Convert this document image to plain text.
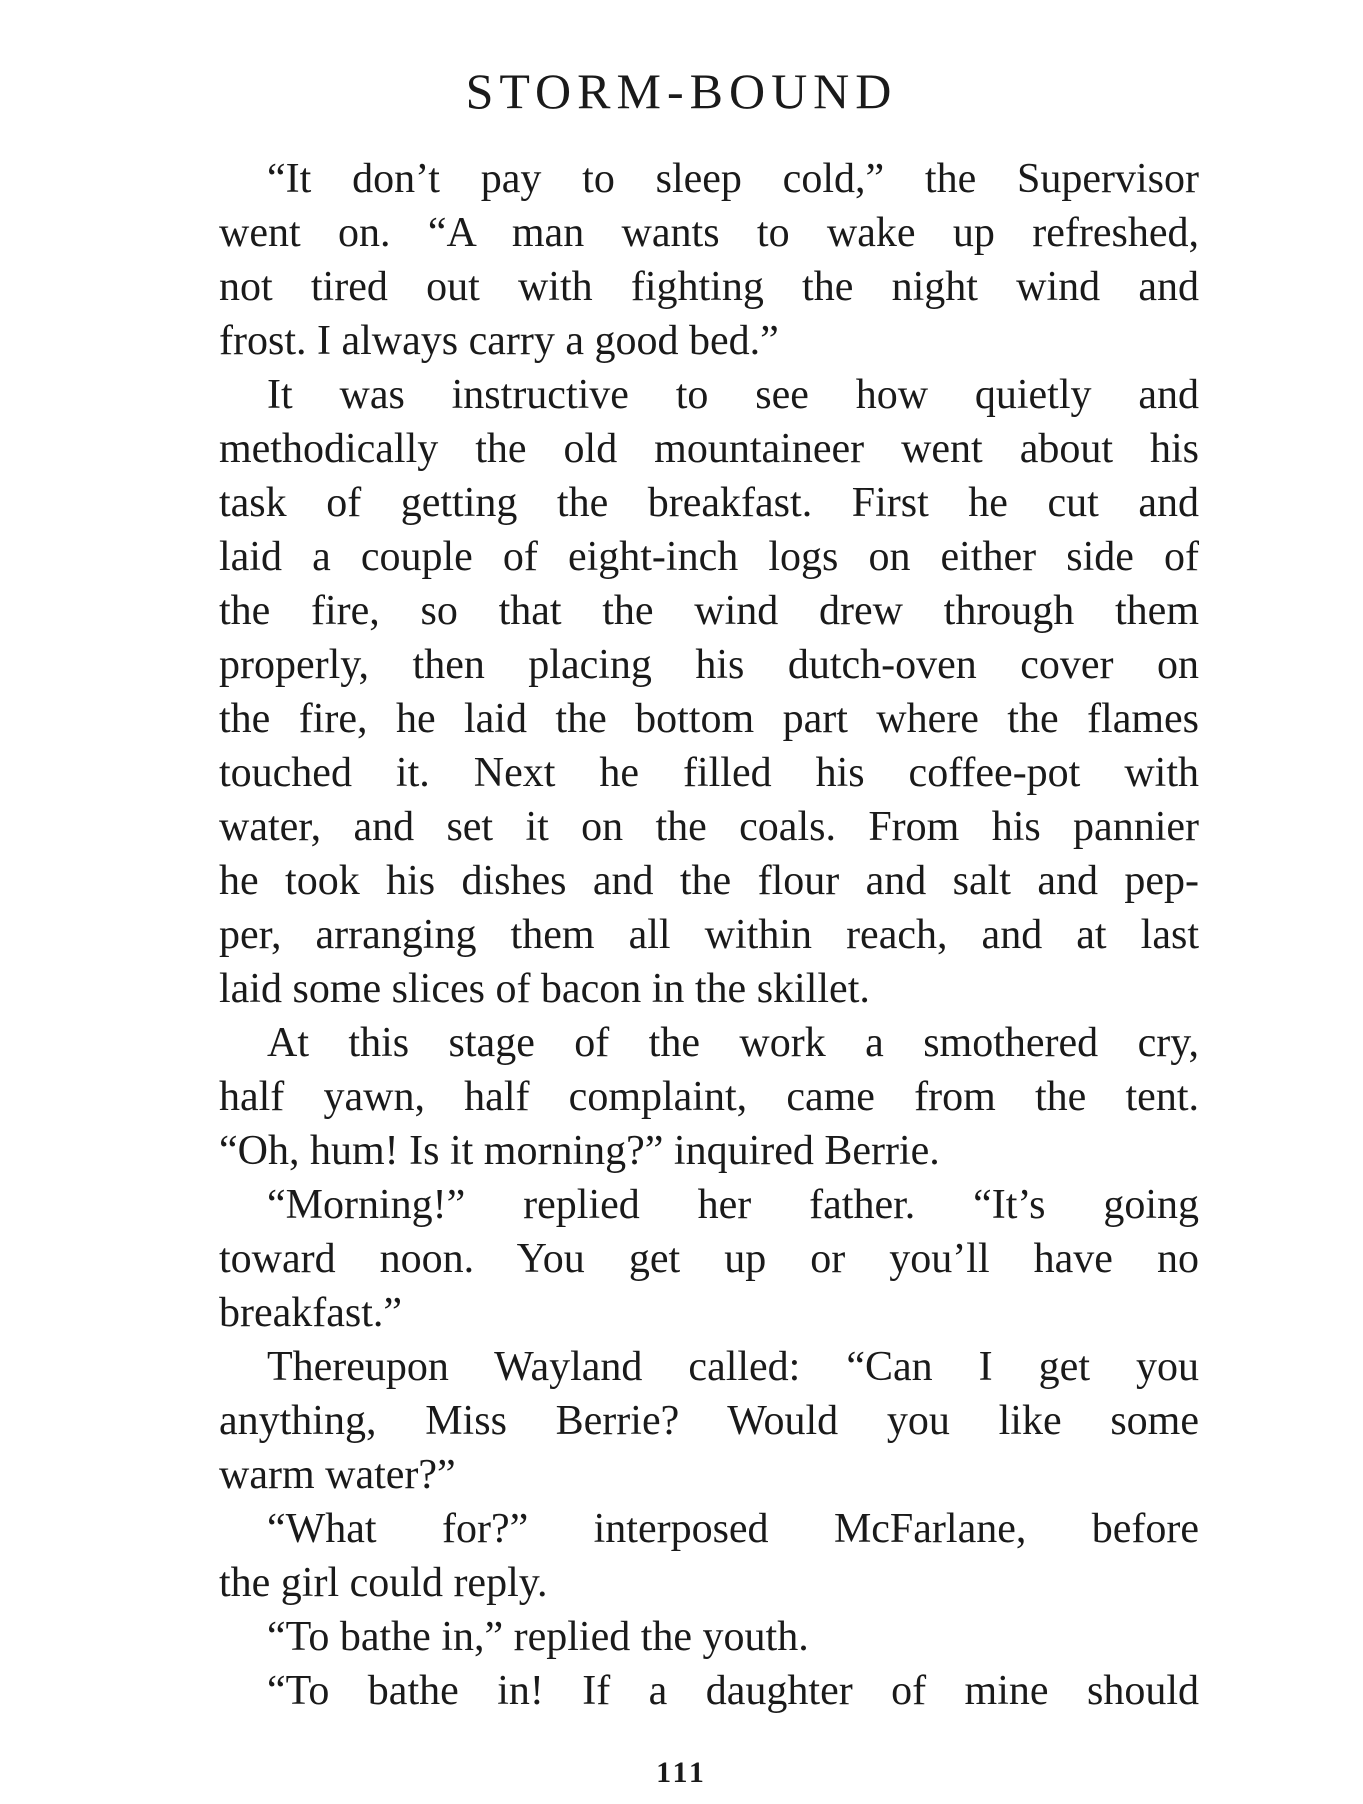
STORM-BOUND
“It don’t pay to sleep cold,” the Supervisor
went on. “A man wants to wake up refreshed,
not tired out with fighting the night wind and
frost. I always carry a good bed.”
It was instructive to see how quietly and
methodically the old mountaineer went about his
task of getting the breakfast. First he cut and
laid a couple of eight-inch logs on either side of
the fire, so that the wind drew through them
properly, then placing his dutch-oven cover on
the fire, he laid the bottom part where the flames
touched it. Next he filled his coffee-pot with
water, and set it on the coals. From his pannier
he took his dishes and the flour and salt and pep-
per, arranging them all within reach, and at last
laid some slices of bacon in the skillet.
At this stage of the work a smothered cry,
half yawn, half complaint, came from the tent.
“Oh, hum! Is it morning?” inquired Berrie.
“Morning!” replied her father. “It’s going
toward noon. You get up or you’ll have no
breakfast.”
Thereupon Wayland called: “Can I get you
anything, Miss Berrie? Would you like some
warm water?”
“What for?” interposed McFarlane, before
the girl could reply.
“To bathe in,” replied the youth.
“To bathe in! If a daughter of mine should
111
